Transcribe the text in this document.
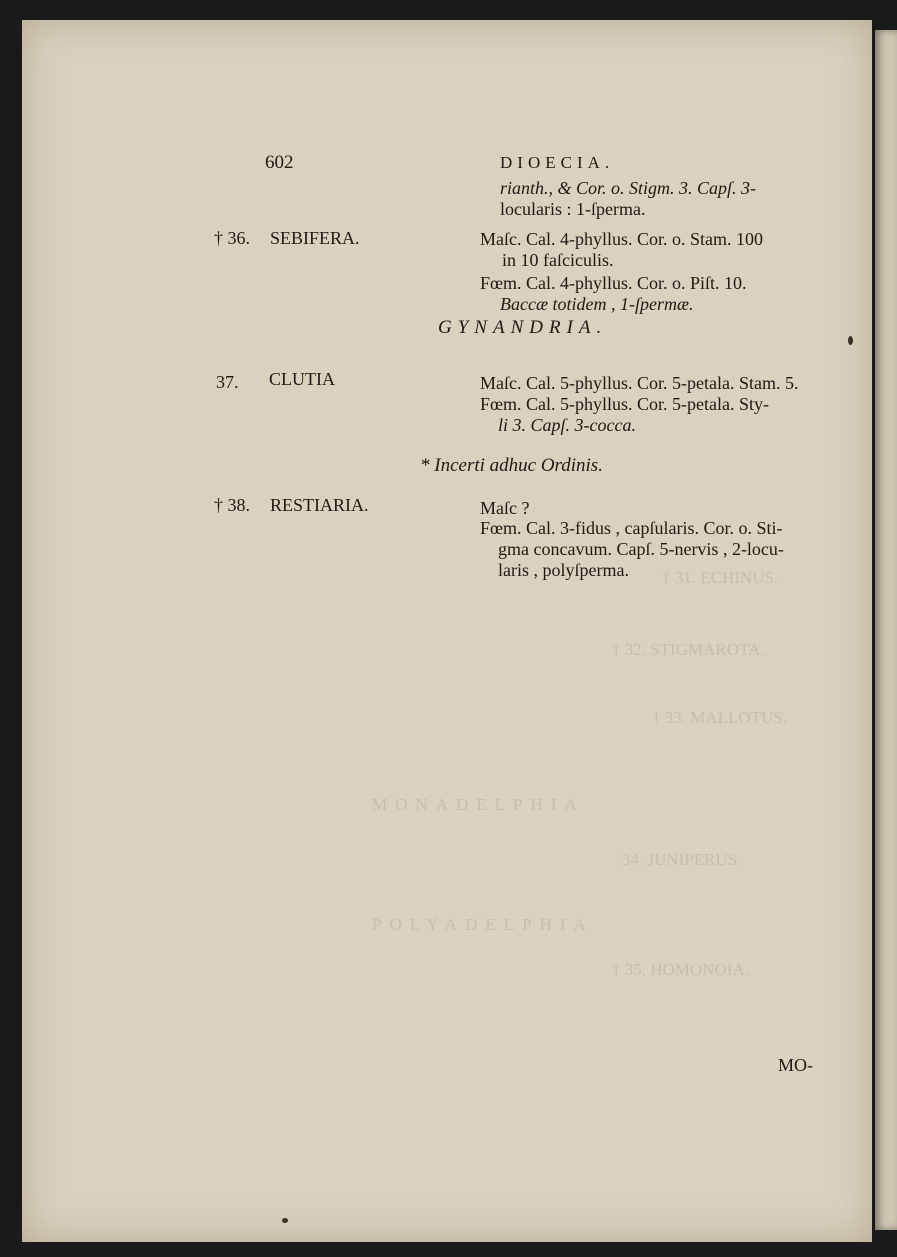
34. JUNIPERUS.
† 35. HOMONOIA.
† 32. STIGMAROTA.
† 33. MALLOTUS.
† 31. ECHINUS.
MONADELPHIA
POLYADELPHIA
602	DIOECIA.
rianth., & Cor. o. Stigm. 3. Capſ. 3-
locularis : 1-ſperma.
† 36. SEBIFERA.	Maſc. Cal. 4-phyllus. Cor. o. Stam. 100
in 10 faſciculis.
Fœm. Cal. 4-phyllus. Cor. o. Piſt. 10.
Baccæ totidem , 1-ſpermæ.
GYNANDRIA.
37. CLUTIA	Maſc. Cal. 5-phyllus. Cor. 5-petala. Stam. 5.
Fœm. Cal. 5-phyllus. Cor. 5-petala. Sty-
li 3. Capſ. 3-cocca.
* Incerti adhuc Ordinis.
† 38. RESTIARIA.	Maſc ?
Fœm. Cal. 3-fidus , capſularis. Cor. o. Sti-
gma concavum. Capſ. 5-nervis , 2-locu-
laris , polyſperma.
MO-
